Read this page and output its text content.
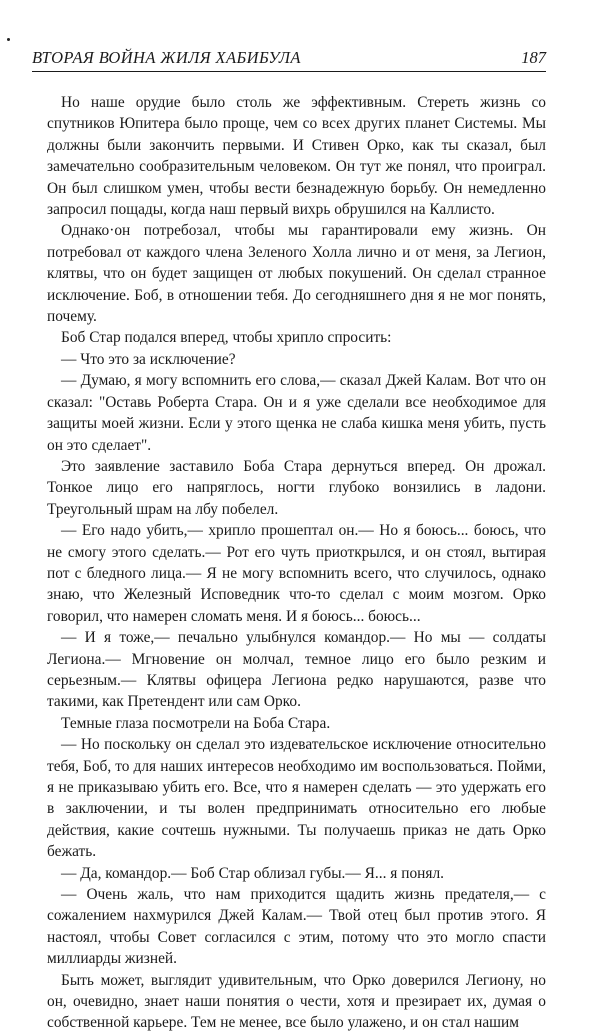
ВТОРАЯ ВОЙНА ЖИЛЯ ХАБИБУЛА	187

Но наше орудие было столь же эффективным. Стереть жизнь со спутников Юпитера было проще, чем со всех других планет Системы. Мы должны были закончить первыми. И Стивен Орко, как ты сказал, был замечательно сообразительным человеком. Он тут же понял, что проиграл. Он был слишком умен, чтобы вести безнадежную борьбу. Он немедленно запросил пощады, когда наш первый вихрь обрушился на Каллисто.

Однако·он потребозал, чтобы мы гарантировали ему жизнь. Он потребовал от каждого члена Зеленого Холла лично и от меня, за Легион, клятвы, что он будет защищен от любых покушений. Он сделал странное исключение. Боб, в отношении тебя. До сегодняшнего дня я не мог понять, почему.

Боб Стар подался вперед, чтобы хрипло спросить:

— Что это за исключение?

— Думаю, я могу вспомнить его слова,— сказал Джей Калам. Вот что он сказал: "Оставь Роберта Стара. Он и я уже сделали все необходимое для защиты моей жизни. Если у этого щенка не слаба кишка меня убить, пусть он это сделает".

Это заявление заставило Боба Стара дернуться вперед. Он дрожал. Тонкое лицо его напряглось, ногти глубоко вонзились в ладони. Треугольный шрам на лбу побелел.

— Его надо убить,— хрипло прошептал он.— Но я боюсь... боюсь, что не смогу этого сделать.— Рот его чуть приоткрылся, и он стоял, вытирая пот с бледного лица.— Я не могу вспомнить всего, что случилось, однако знаю, что Железный Исповедник что-то сделал с моим мозгом. Орко говорил, что намерен сломать меня. И я боюсь... боюсь...

— И я тоже,— печально улыбнулся командор.— Но мы — солдаты Легиона.— Мгновение он молчал, темное лицо его было резким и серьезным.— Клятвы офицера Легиона редко нарушаются, разве что такими, как Претендент или сам Орко.

Темные глаза посмотрели на Боба Стара.

— Но поскольку он сделал это издевательское исключение относительно тебя, Боб, то для наших интересов необходимо им воспользоваться. Пойми, я не приказываю убить его. Все, что я намерен сделать — это удержать его в заключении, и ты волен предпринимать относительно его любые действия, какие сочтешь нужными. Ты получаешь приказ не дать Орко бежать.

— Да, командор.— Боб Стар облизал губы.— Я... я понял.

— Очень жаль, что нам приходится щадить жизнь предателя,— с сожалением нахмурился Джей Калам.— Твой отец был против этого. Я настоял, чтобы Совет согласился с этим, потому что это могло спасти миллиарды жизней.

Быть может, выглядит удивительным, что Орко доверился Легиону, но он, очевидно, знает наши понятия о чести, хотя и презирает их, думая о собственной карьере. Тем не менее, все было улажено, и он стал нашим
